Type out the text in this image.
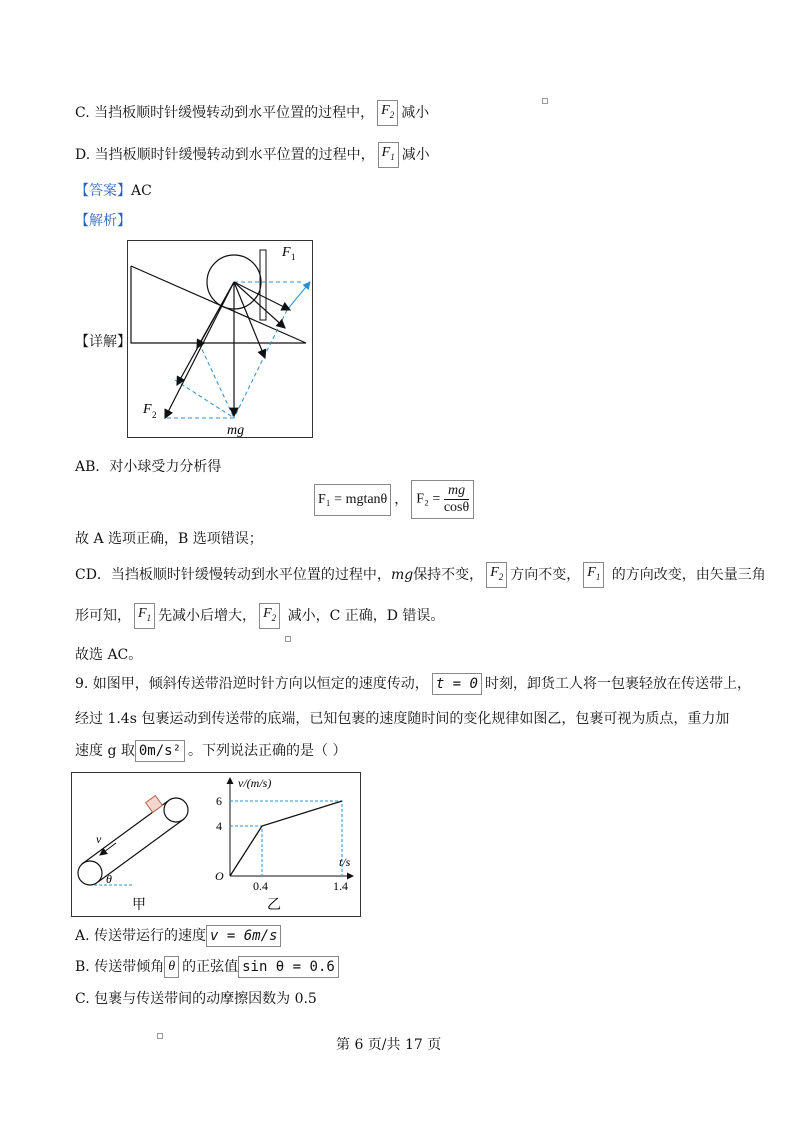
C. 当挡板顺时针缓慢转动到水平位置的过程中， $F_2$ 减小
D. 当挡板顺时针缓慢转动到水平位置的过程中， $F_1$ 减小
【答案】AC
【解析】
【详解】
F 1
F 2
mg
AB．对小球受力分析得
F₁ = mgtanθ ， $F_2 = \frac{mg}{\cos\theta}$
故 A 选项正确，B 选项错误；
CD．当挡板顺时针缓慢转动到水平位置的过程中，mg保持不变， $F_2$ 方向不变， $F_1$ 的方向改变，由矢量三角
形可知， $F_1$ 先减小后增大， $F_2$ 减小，C 正确，D 错误。
故选 AC。
9. 如图甲，倾斜传送带沿逆时针方向以恒定的速度传动， t = 0 时刻，卸货工人将一包裹轻放在传送带上，
经过 1.4s 包裹运动到传送带的底端，已知包裹的速度随时间的变化规律如图乙，包裹可视为质点，重力加
速度 g 取 0m/s² 。下列说法正确的是（ ）
v
θ
甲
v/(m/s)
t/s
O
0.4	1.4
4
6
乙
A. 传送带运行的速度 v = 6m/s
B. 传送带倾角 θ 的正弦值 sin θ = 0.6
C. 包裹与传送带间的动摩擦因数为 0.5
第 6 页/共 17 页
